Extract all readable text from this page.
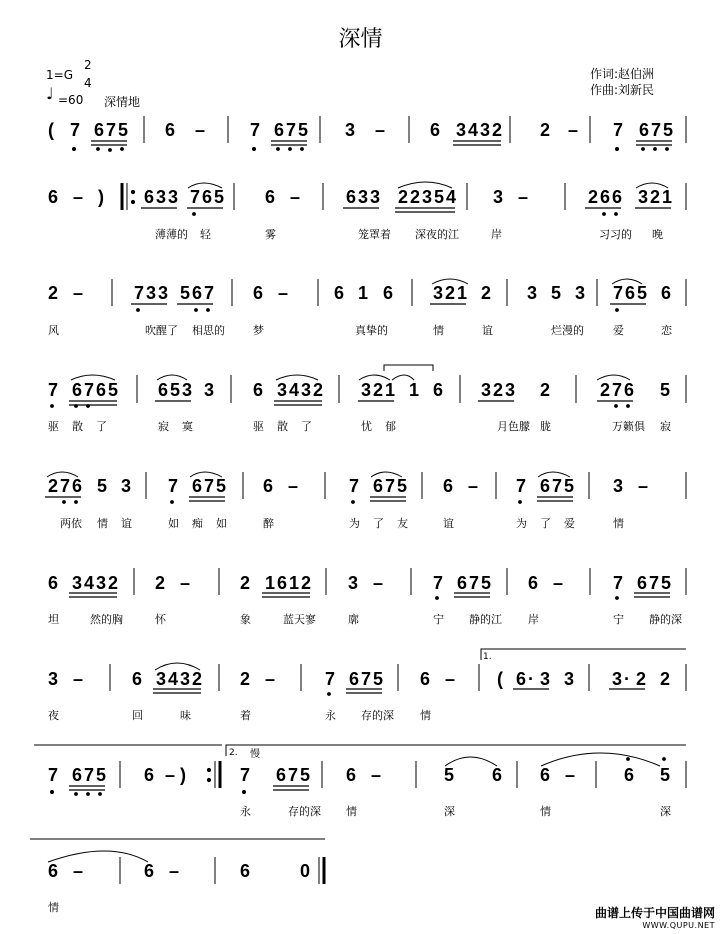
深情
1=G
2
4
♩ =60 深情地
作词:赵伯洲
作曲:刘新民
( 7 6 7 5 6 – 7 6 7 5 3 – 6 3 4 3 2 2 – 7 6 7 5
6 – ) 6 3 3 7 6 5 6 –	6 3 3 2 2 3 5 4 3 –	2 6 6 3 2 1
2 –	7 3 3 5 6 7 6 –	6 1 6 3 2 1 2 3 5 3 7 6 5 6
7 6 7 6 5 6 5 3 3 6 3 4 3 2 3 2 1 1 6 3 2 3 2	2 7 6 5
2 7 6 5 3 7 6 7 5 6 –	7 6 7 5 6 – 7 6 7 5 3 –
6 3 4 3 2 2 –	2 1 6 1 2 3 –	7 6 7 5 6 –	7 6 7 5
3 –	6 3 4 3 2 2 –	7 6 7 5 6 – ( 6 · 3 3 3 · 2 2
7 6 7 5 6 – )	7 6 7 5 6 –	5 6 6 –	6 5
6 –	6 –	6	0
薄薄的 轻	雾	笼罩着 深夜的江	岸	习习的 晚
风	吹醒了 相思的	梦	真挚的	情	谊	烂漫的	爱	恋
驱 散 了	寂 寞	驱 散 了	忧 郁	月色朦 胧	万籁俱 寂
两依 情 谊	如 痴 如	醉	为 了 友	谊	为 了 爱	情
坦	然的胸	怀	象	蓝天寥	廓	宁 静的江 岸	宁 静的深
夜	回	味	着	永 存的深 情
永	存的深 情	深	情	深
情
1.
2. 慢
曲谱上传于中国曲谱网
WWW.QUPU.NET
